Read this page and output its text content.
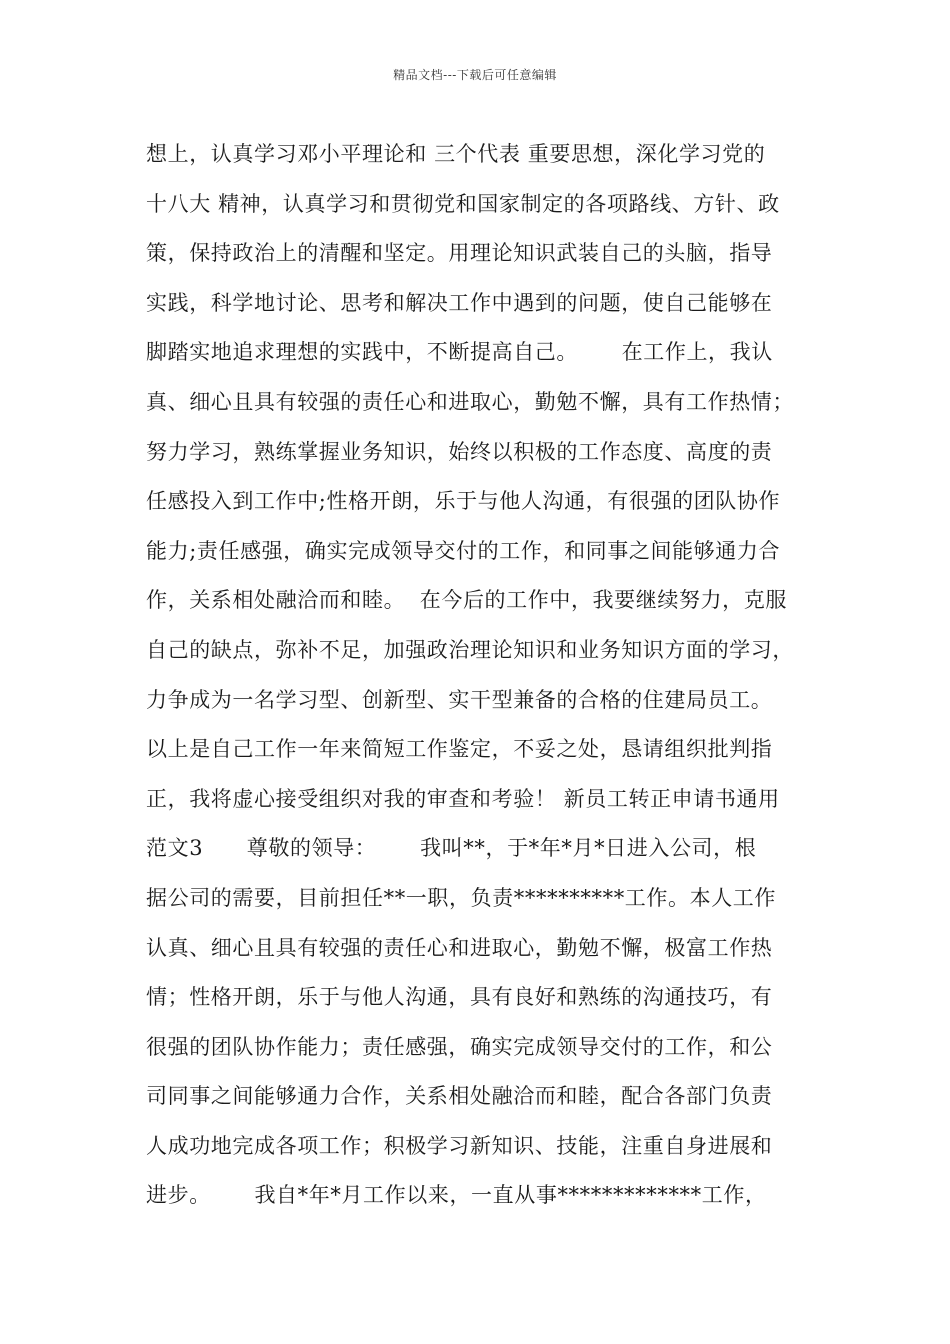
精品文档---下载后可任意编辑
想上，认真学习邓小平理论和 三个代表 重要思想，深化学习党的
十八大 精神，认真学习和贯彻党和国家制定的各项路线、方针、政
策，保持政治上的清醒和坚定。用理论知识武装自己的头脑，指导
实践，科学地讨论、思考和解决工作中遇到的问题，使自己能够在
脚踏实地追求理想的实践中，不断提高自己。      在工作上，我认
真、细心且具有较强的责任心和进取心，勤勉不懈，具有工作热情；
努力学习，熟练掌握业务知识，始终以积极的工作态度、高度的责
任感投入到工作中;性格开朗，乐于与他人沟通，有很强的团队协作
能力;责任感强，确实完成领导交付的工作，和同事之间能够通力合
作，关系相处融洽而和睦。  在今后的工作中，我要继续努力，克服
自己的缺点，弥补不足，加强政治理论知识和业务知识方面的学习，
力争成为一名学习型、创新型、实干型兼备的合格的住建局员工。
以上是自己工作一年来简短工作鉴定，不妥之处，恳请组织批判指
正，我将虚心接受组织对我的审查和考验！ 新员工转正申请书通用
范文3      尊敬的领导：      我叫**，于*年*月*日进入公司，根
据公司的需要，目前担任**一职，负责**********工作。本人工作
认真、细心且具有较强的责任心和进取心，勤勉不懈，极富工作热
情；性格开朗，乐于与他人沟通，具有良好和熟练的沟通技巧，有
很强的团队协作能力；责任感强，确实完成领导交付的工作，和公
司同事之间能够通力合作，关系相处融洽而和睦，配合各部门负责
人成功地完成各项工作；积极学习新知识、技能，注重自身进展和
进步。      我自*年*月工作以来，一直从事*************工作，
